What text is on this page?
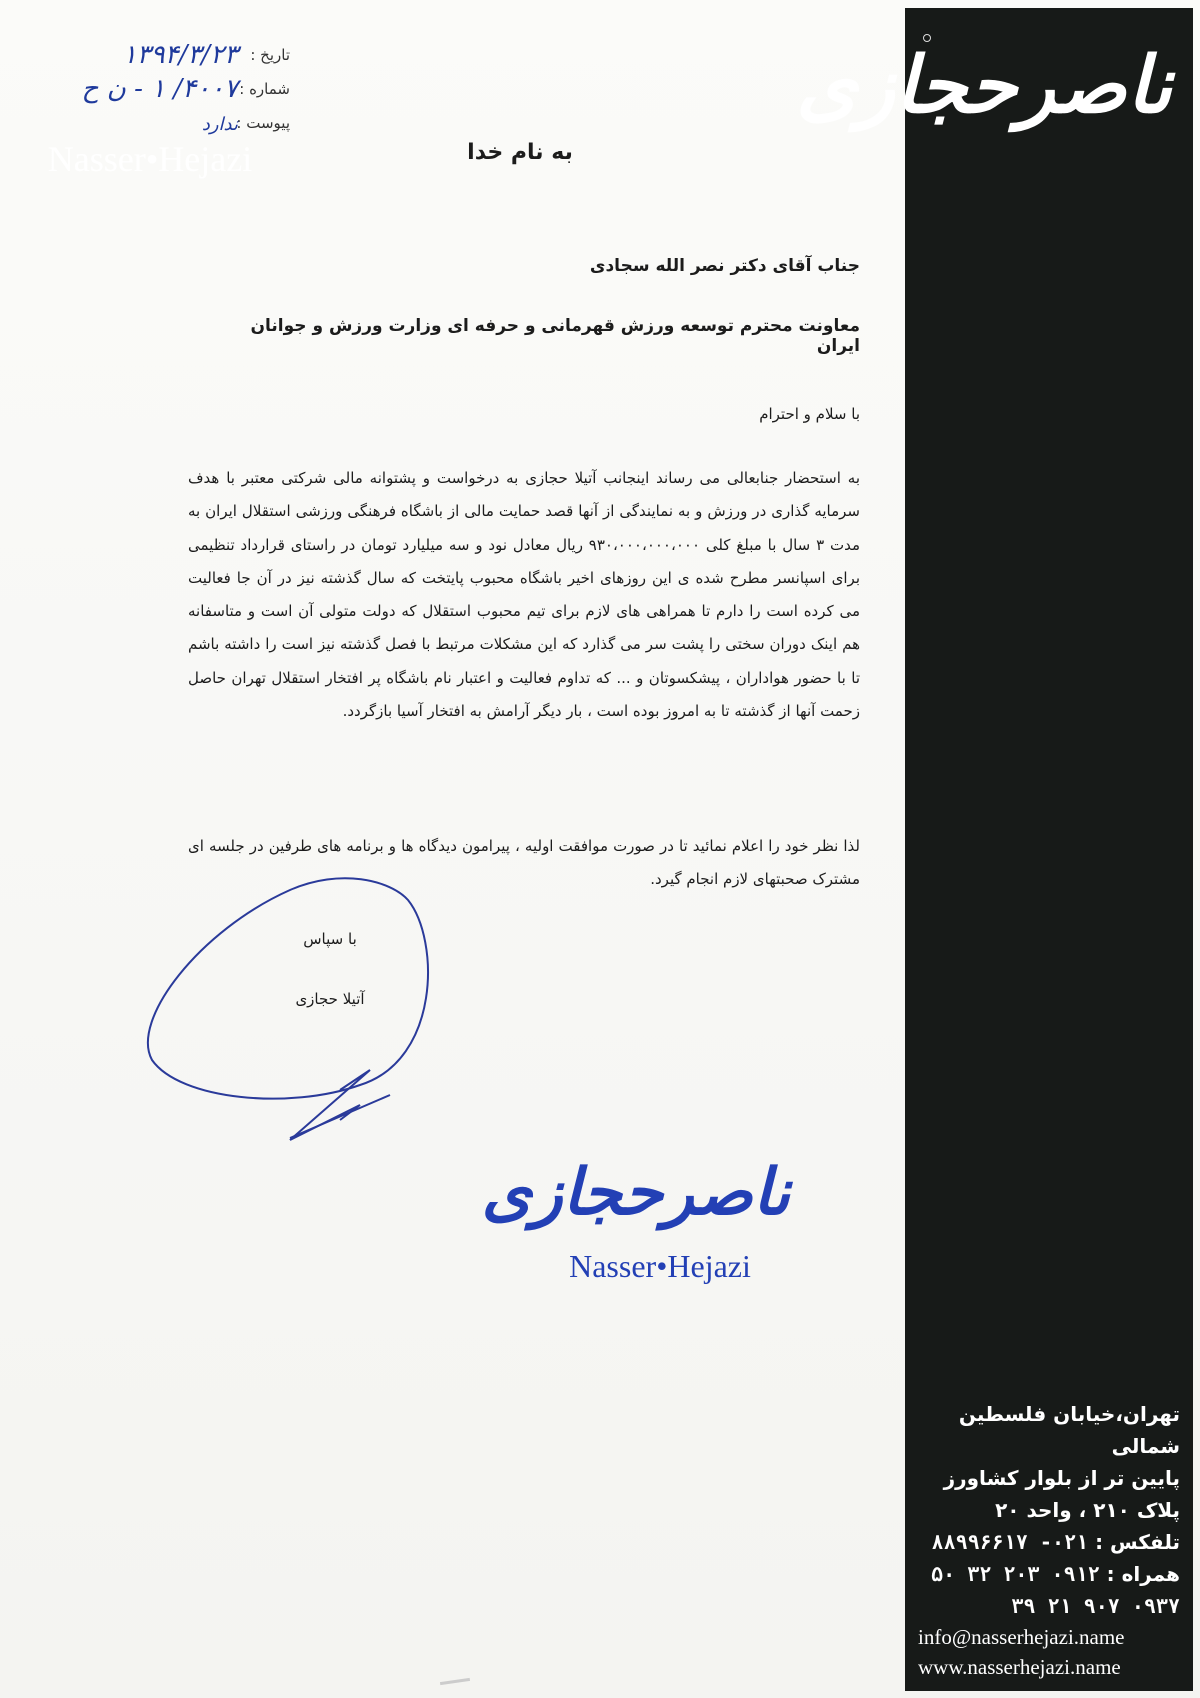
ناصرحجازی
Nasser•Hejazi
تهران،خیابان فلسطین شمالی
پایین تر از بلوار کشاورز
پلاک ۲۱۰ ، واحد ۲۰
تلفکس : ۰۲۱- ۸۸۹۹۶۶۱۷
همراه : ۰۹۱۲ ۲۰۳ ۳۲ ۵۰
۰۹۳۷ ۹۰۷ ۲۱ ۳۹
info@nasserhejazi.name
www.nasserhejazi.name
تاریخ :
۱۳۹۴/۳/۲۳
شماره :
۴۰۰۷/ ۱ - ن ح
پیوست :
ندارد
به نام خدا
جناب آقای دکتر نصر الله سجادی
معاونت محترم توسعه ورزش قهرمانی و حرفه ای وزارت ورزش و جوانان ایران
با سلام و احترام
به استحضار جنابعالی می رساند اینجانب آتیلا حجازی به درخواست و پشتوانه مالی شرکتی معتبر با هدف سرمایه گذاری در ورزش و به نمایندگی از آنها قصد حمایت مالی از باشگاه فرهنگی ورزشی استقلال ایران به مدت ۳ سال با مبلغ کلی ۹۳۰،۰۰۰،۰۰۰،۰۰۰ ریال معادل نود و سه میلیارد تومان در راستای قرارداد تنظیمی برای اسپانسر مطرح شده ی این روزهای اخیر باشگاه محبوب پایتخت که سال گذشته نیز در آن جا فعالیت می کرده است را دارم تا همراهی های لازم برای تیم محبوب استقلال که دولت متولی آن است و متاسفانه هم اینک دوران سختی را پشت سر می گذارد که این مشکلات مرتبط با فصل گذشته نیز است را داشته باشم تا با حضور هواداران ، پیشکسوتان و ... که تداوم فعالیت و اعتبار نام باشگاه پر افتخار استقلال تهران حاصل زحمت آنها از گذشته تا به امروز بوده است ، بار دیگر آرامش به افتخار آسیا بازگردد.
لذا نظر خود را اعلام نمائید تا در صورت موافقت اولیه ، پیرامون دیدگاه ها و برنامه های طرفین در جلسه ای مشترک صحبتهای لازم انجام گیرد.
با سپاس
آتیلا حجازی
ناصرحجازی
Nasser•Hejazi
